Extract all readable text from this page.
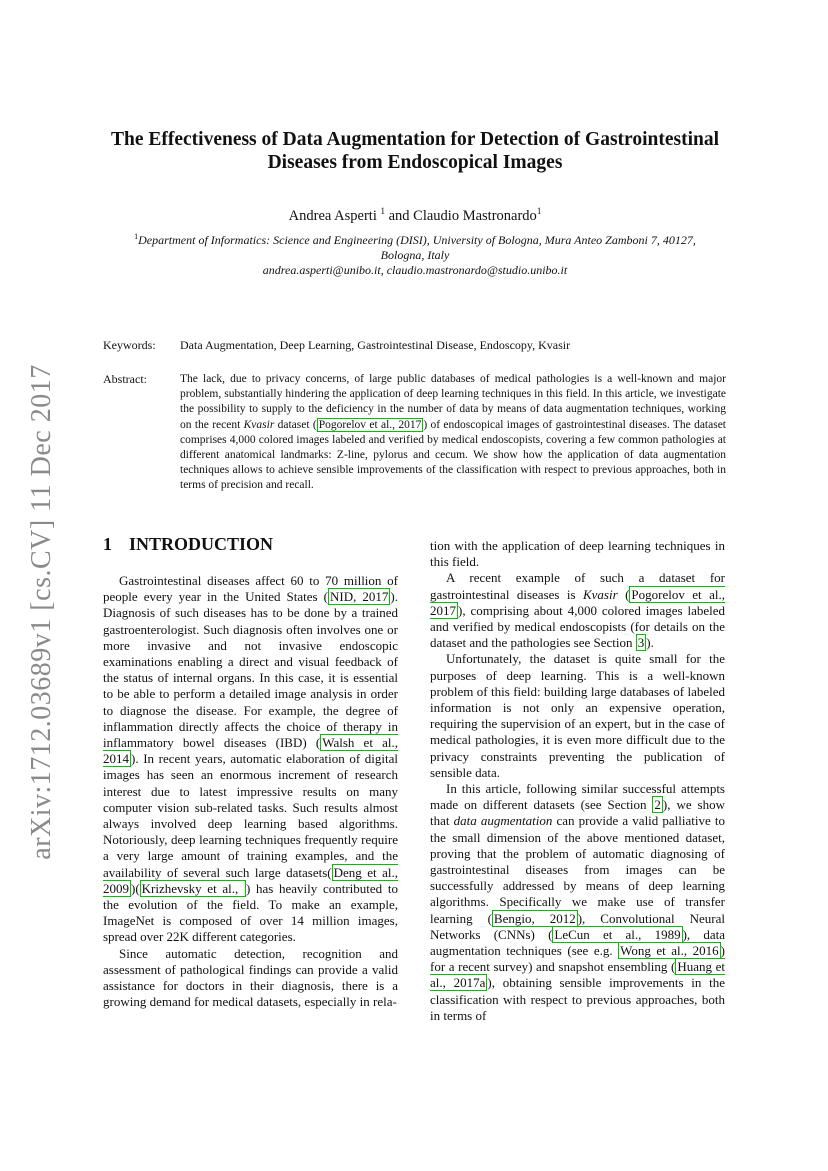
arXiv:1712.03689v1 [cs.CV] 11 Dec 2017
The Effectiveness of Data Augmentation for Detection of Gastrointestinal
Diseases from Endoscopical Images
Andrea Asperti $^1$ and Claudio Mastronardo$^1$
$^1$Department of Informatics: Science and Engineering (DISI), University of Bologna, Mura Anteo Zamboni 7, 40127,
Bologna, Italy
andrea.asperti@unibo.it, claudio.mastronardo@studio.unibo.it
Keywords: Data Augmentation, Deep Learning, Gastrointestinal Disease, Endoscopy, Kvasir
Abstract:	The lack, due to privacy concerns, of large public databases of medical pathologies is a well-known and major problem, substantially hindering the application of deep learning techniques in this field. In this article, we investigate the possibility to supply to the deficiency in the number of data by means of data augmentation techniques, working on the recent Kvasir dataset ( Pogorelov et al., 2017 ) of endoscopical images of gastrointestinal diseases. The dataset comprises 4,000 colored images labeled and verified by medical endoscopists, covering a few common pathologies at different anatomical landmarks: Z-line, pylorus and cecum. We show how the application of data augmentation techniques allows to achieve sensible improvements of the classification with respect to previous approaches, both in terms of precision and recall.
1 INTRODUCTION

Gastrointestinal diseases affect 60 to 70 million of people every year in the United States ( NID, 2017 ). Diagnosis of such diseases has to be done by a trained gastroenterologist. Such diagnosis often involves one or more invasive and not invasive endoscopic examinations enabling a direct and visual feedback of the status of internal organs. In this case, it is essential to be able to perform a detailed image analysis in order to diagnose the disease. For example, the degree of inflammation directly affects the choice of therapy in inflammatory bowel diseases (IBD) ( Walsh et al., 2014 ). In recent years, automatic elaboration of digital images has seen an enormous increment of research interest due to latest impressive results on many computer vision sub-related tasks. Such results almost always involved deep learning based algorithms. Notoriously, deep learning techniques frequently require a very large amount of training examples, and the availability of several such large datasets( Deng et al., 2009 )( Krizhevsky et al., ) has heavily contributed to the evolution of the field. To make an example, ImageNet is composed of over 14 million images, spread over 22K different categories.

Since automatic detection, recognition and assessment of pathological findings can provide a valid assistance for doctors in their diagnosis, there is a growing demand for medical datasets, especially in rela-

tion with the application of deep learning techniques in this field.

A recent example of such a dataset for gastrointestinal diseases is Kvasir ( Pogorelov et al., 2017 ), comprising about 4,000 colored images labeled and verified by medical endoscopists (for details on the dataset and the pathologies see Section 3 ).

Unfortunately, the dataset is quite small for the purposes of deep learning. This is a well-known problem of this field: building large databases of labeled information is not only an expensive operation, requiring the supervision of an expert, but in the case of medical pathologies, it is even more difficult due to the privacy constraints preventing the publication of sensible data.

In this article, following similar successful attempts made on different datasets (see Section 2 ), we show that data augmentation can provide a valid palliative to the small dimension of the above mentioned dataset, proving that the problem of automatic diagnosing of gastrointestinal diseases from images can be successfully addressed by means of deep learning algorithms. Specifically we make use of transfer learning ( Bengio, 2012 ), Convolutional Neural Networks (CNNs) ( LeCun et al., 1989 ), data augmentation techniques (see e.g. Wong et al., 2016 ) for a recent survey) and snapshot ensembling ( Huang et al., 2017a ), obtaining sensible improvements in the classification with respect to previous approaches, both in terms of
